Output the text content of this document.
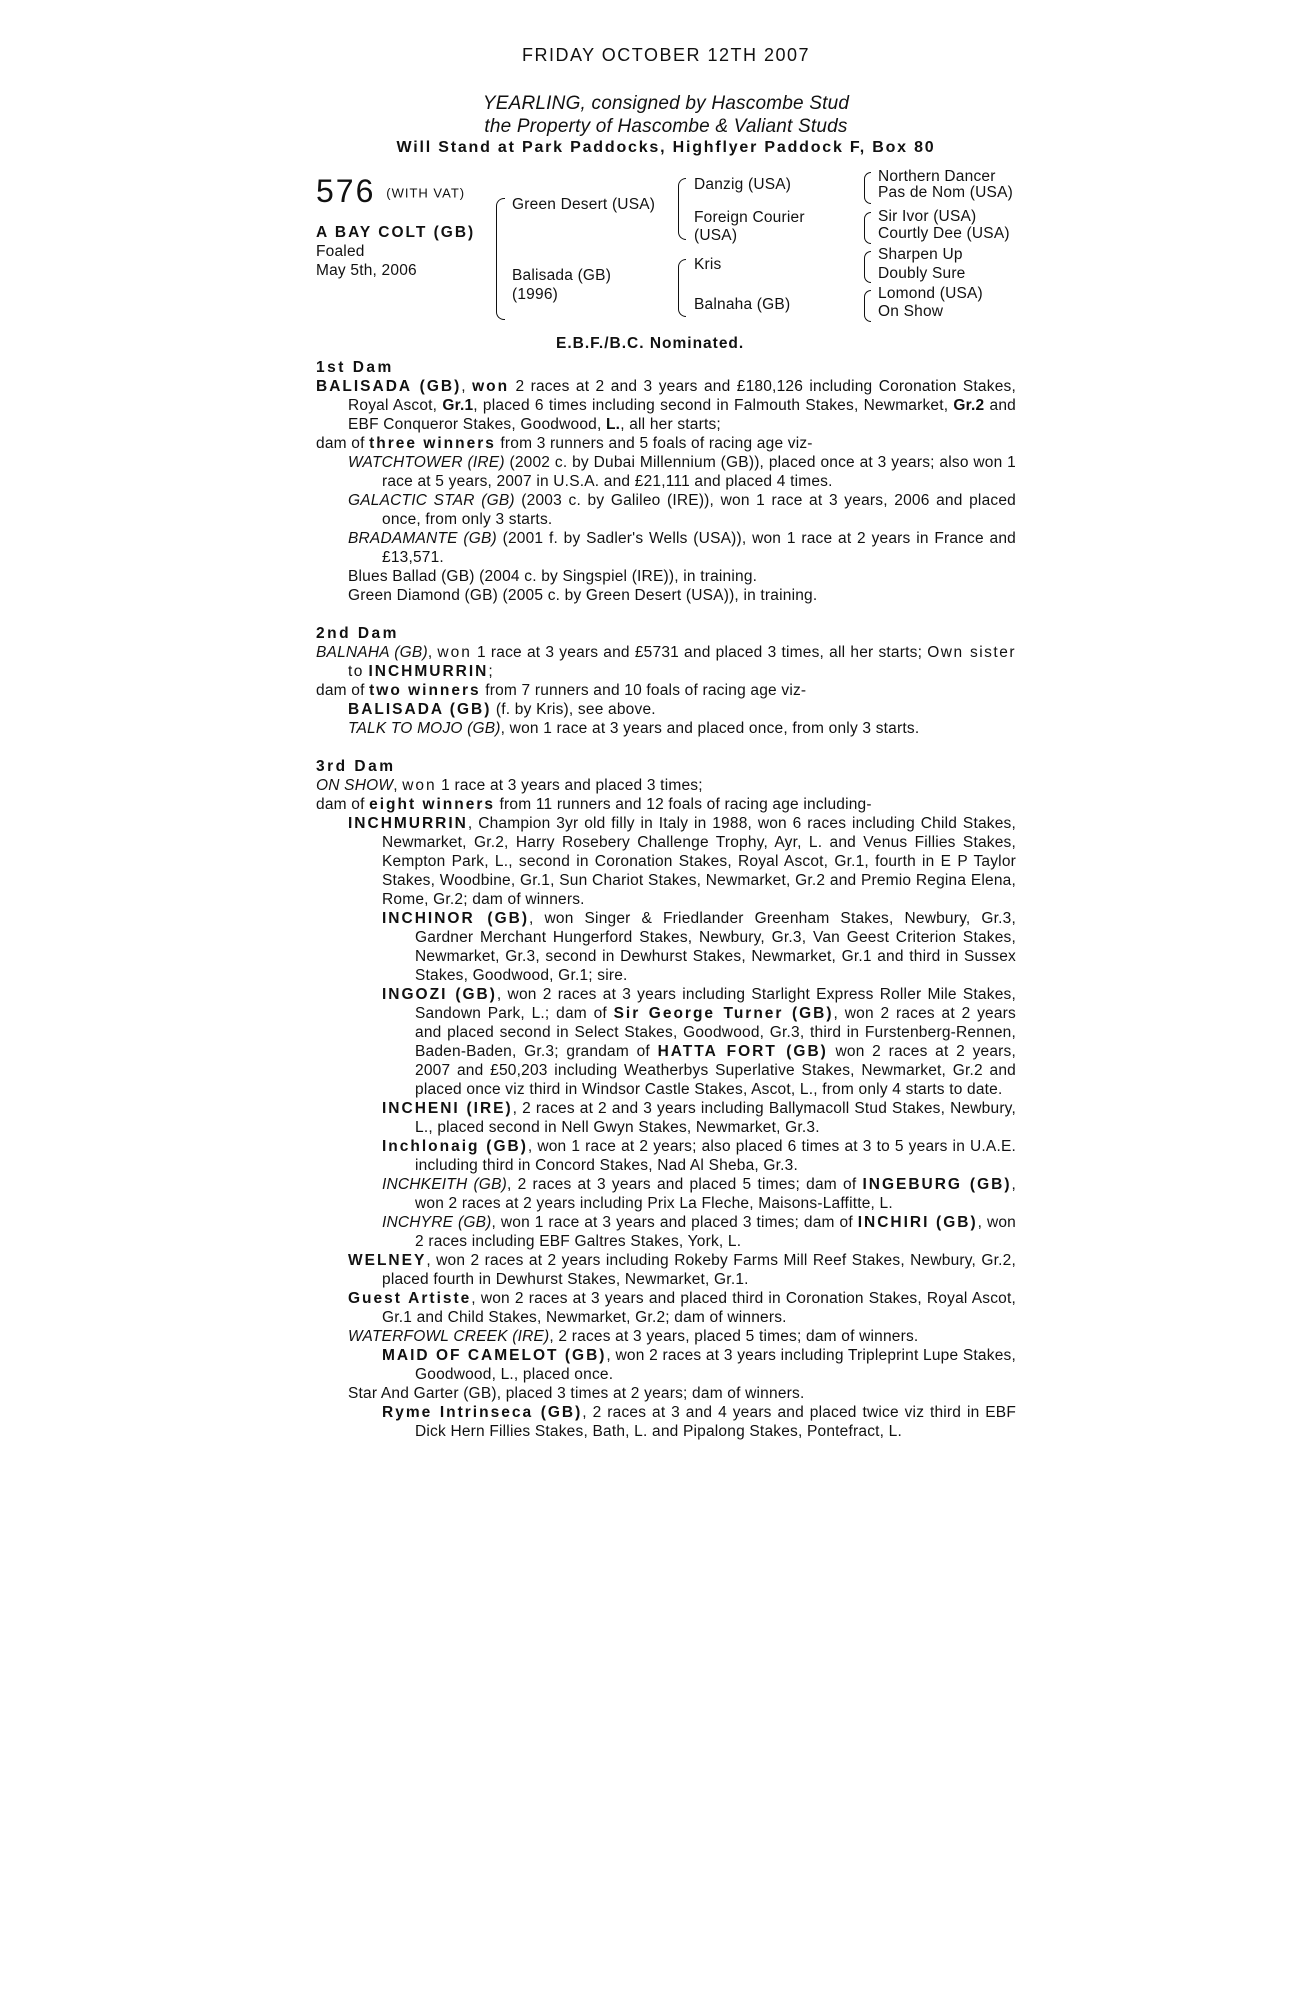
FRIDAY OCTOBER 12TH 2007
YEARLING, consigned by Hascombe Stud
the Property of Hascombe & Valiant Studs
Will Stand at Park Paddocks, Highflyer Paddock F, Box 80
576 (WITH VAT)
A BAY COLT (GB)
Foaled
May 5th, 2006
Green Desert (USA)
Balisada (GB)
(1996)
Danzig (USA)
Foreign Courier
(USA)
Kris
Balnaha (GB)
Northern Dancer
Pas de Nom (USA)
Sir Ivor (USA)
Courtly Dee (USA)
Sharpen Up
Doubly Sure
Lomond (USA)
On Show
E.B.F./B.C. Nominated.
1st Dam

BALISADA (GB), won 2 races at 2 and 3 years and £180,126 including Coronation Stakes, Royal Ascot, Gr.1, placed 6 times including second in Falmouth Stakes, Newmarket, Gr.2 and EBF Conqueror Stakes, Goodwood, L., all her starts;

dam of three winners from 3 runners and 5 foals of racing age viz-

WATCHTOWER (IRE) (2002 c. by Dubai Millennium (GB)), placed once at 3 years; also won 1 race at 5 years, 2007 in U.S.A. and £21,111 and placed 4 times.

GALACTIC STAR (GB) (2003 c. by Galileo (IRE)), won 1 race at 3 years, 2006 and placed once, from only 3 starts.

BRADAMANTE (GB) (2001 f. by Sadler's Wells (USA)), won 1 race at 2 years in France and £13,571.

Blues Ballad (GB) (2004 c. by Singspiel (IRE)), in training.

Green Diamond (GB) (2005 c. by Green Desert (USA)), in training.

2nd Dam

BALNAHA (GB), won 1 race at 3 years and £5731 and placed 3 times, all her starts; Own sister to INCHMURRIN;

dam of two winners from 7 runners and 10 foals of racing age viz-

BALISADA (GB) (f. by Kris), see above.

TALK TO MOJO (GB), won 1 race at 3 years and placed once, from only 3 starts.

3rd Dam

ON SHOW, won 1 race at 3 years and placed 3 times;

dam of eight winners from 11 runners and 12 foals of racing age including-

INCHMURRIN, Champion 3yr old filly in Italy in 1988, won 6 races including Child Stakes, Newmarket, Gr.2, Harry Rosebery Challenge Trophy, Ayr, L. and Venus Fillies Stakes, Kempton Park, L., second in Coronation Stakes, Royal Ascot, Gr.1, fourth in E P Taylor Stakes, Woodbine, Gr.1, Sun Chariot Stakes, Newmarket, Gr.2 and Premio Regina Elena, Rome, Gr.2; dam of winners.

INCHINOR (GB), won Singer & Friedlander Greenham Stakes, Newbury, Gr.3, Gardner Merchant Hungerford Stakes, Newbury, Gr.3, Van Geest Criterion Stakes, Newmarket, Gr.3, second in Dewhurst Stakes, Newmarket, Gr.1 and third in Sussex Stakes, Goodwood, Gr.1; sire.

INGOZI (GB), won 2 races at 3 years including Starlight Express Roller Mile Stakes, Sandown Park, L.; dam of Sir George Turner (GB), won 2 races at 2 years and placed second in Select Stakes, Goodwood, Gr.3, third in Furstenberg-Rennen, Baden-Baden, Gr.3; grandam of HATTA FORT (GB) won 2 races at 2 years, 2007 and £50,203 including Weatherbys Superlative Stakes, Newmarket, Gr.2 and placed once viz third in Windsor Castle Stakes, Ascot, L., from only 4 starts to date.

INCHENI (IRE), 2 races at 2 and 3 years including Ballymacoll Stud Stakes, Newbury, L., placed second in Nell Gwyn Stakes, Newmarket, Gr.3.

Inchlonaig (GB), won 1 race at 2 years; also placed 6 times at 3 to 5 years in U.A.E. including third in Concord Stakes, Nad Al Sheba, Gr.3.

INCHKEITH (GB), 2 races at 3 years and placed 5 times; dam of INGEBURG (GB), won 2 races at 2 years including Prix La Fleche, Maisons-Laffitte, L.

INCHYRE (GB), won 1 race at 3 years and placed 3 times; dam of INCHIRI (GB), won 2 races including EBF Galtres Stakes, York, L.

WELNEY, won 2 races at 2 years including Rokeby Farms Mill Reef Stakes, Newbury, Gr.2, placed fourth in Dewhurst Stakes, Newmarket, Gr.1.

Guest Artiste, won 2 races at 3 years and placed third in Coronation Stakes, Royal Ascot, Gr.1 and Child Stakes, Newmarket, Gr.2; dam of winners.

WATERFOWL CREEK (IRE), 2 races at 3 years, placed 5 times; dam of winners.

MAID OF CAMELOT (GB), won 2 races at 3 years including Tripleprint Lupe Stakes, Goodwood, L., placed once.

Star And Garter (GB), placed 3 times at 2 years; dam of winners.

Ryme Intrinseca (GB), 2 races at 3 and 4 years and placed twice viz third in EBF Dick Hern Fillies Stakes, Bath, L. and Pipalong Stakes, Pontefract, L.
